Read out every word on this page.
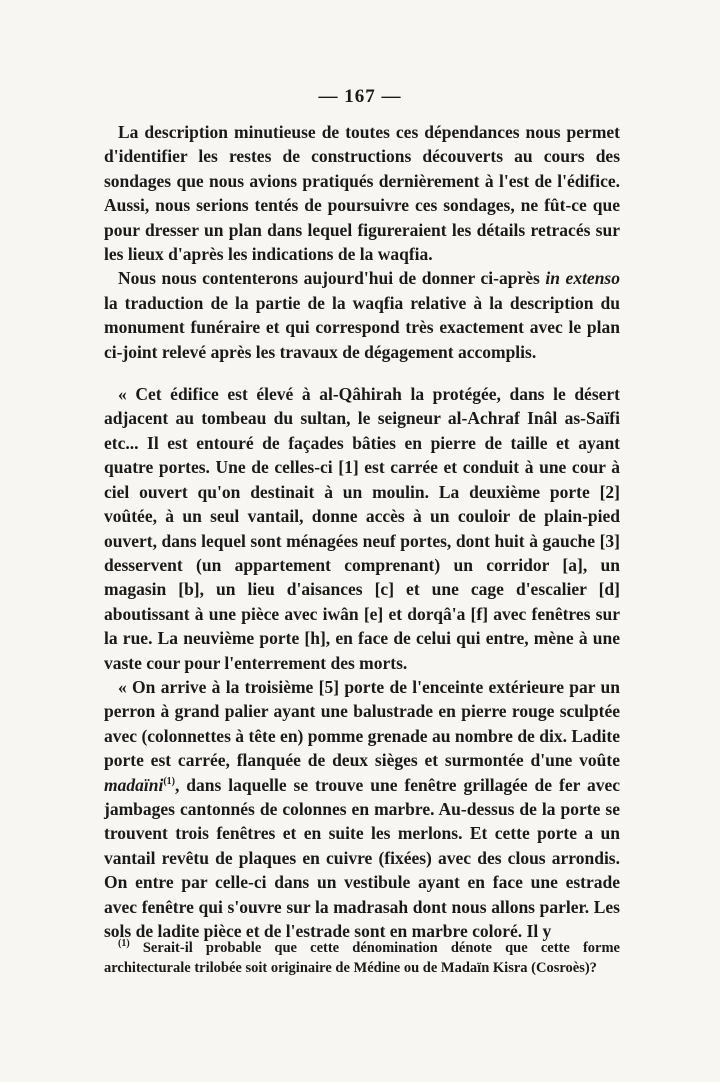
— 167 —

La description minutieuse de toutes ces dépendances nous permet d'identifier les restes de constructions découverts au cours des sondages que nous avions pratiqués dernièrement à l'est de l'édifice. Aussi, nous serions tentés de poursuivre ces sondages, ne fût-ce que pour dresser un plan dans lequel figureraient les détails retracés sur les lieux d'après les indications de la waqfia.

Nous nous contenterons aujourd'hui de donner ci-après in extenso la traduction de la partie de la waqfia relative à la description du monument funéraire et qui correspond très exactement avec le plan ci-joint relevé après les travaux de dégagement accomplis.

« Cet édifice est élevé à al-Qâhirah la protégée, dans le désert adjacent au tombeau du sultan, le seigneur al-Achraf Inâl as-Saïfi etc... Il est entouré de façades bâties en pierre de taille et ayant quatre portes. Une de celles-ci [1] est carrée et conduit à une cour à ciel ouvert qu'on destinait à un moulin. La deuxième porte [2] voûtée, à un seul vantail, donne accès à un couloir de plain-pied ouvert, dans lequel sont ménagées neuf portes, dont huit à gauche [3] desservent (un appartement comprenant) un corridor [a], un magasin [b], un lieu d'aisances [c] et une cage d'escalier [d] aboutissant à une pièce avec iwân [e] et dorqâ'a [f] avec fenêtres sur la rue. La neuvième porte [h], en face de celui qui entre, mène à une vaste cour pour l'enterrement des morts.

« On arrive à la troisième [5] porte de l'enceinte extérieure par un perron à grand palier ayant une balustrade en pierre rouge sculptée avec (colonnettes à tête en) pomme grenade au nombre de dix. Ladite porte est carrée, flanquée de deux sièges et surmontée d'une voûte madaïni$^{(1)}$, dans laquelle se trouve une fenêtre grillagée de fer avec jambages cantonnés de colonnes en marbre. Au-dessus de la porte se trouvent trois fenêtres et en suite les merlons. Et cette porte a un vantail revêtu de plaques en cuivre (fixées) avec des clous arrondis. On entre par celle-ci dans un vestibule ayant en face une estrade avec fenêtre qui s'ouvre sur la madrasah dont nous allons parler. Les sols de ladite pièce et de l'estrade sont en marbre coloré. Il y

$^{(1)}$ Serait-il probable que cette dénomination dénote que cette forme architecturale trilobée soit originaire de Médine ou de Madaïn Kisra (Cosroès)?
